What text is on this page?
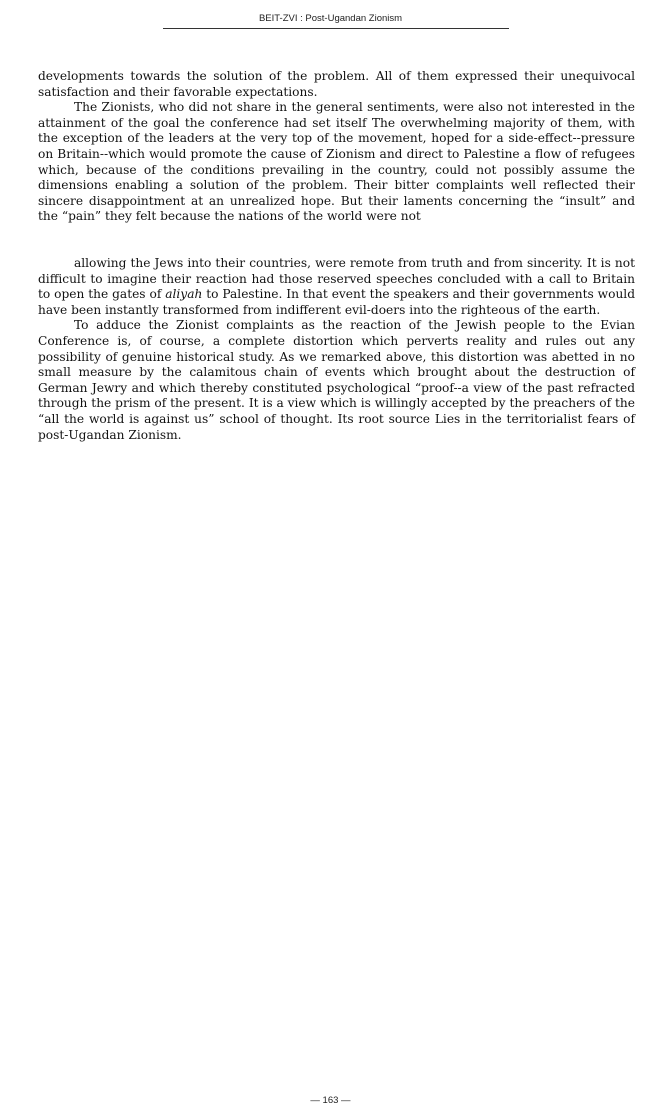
BEIT-ZVI : Post-Ugandan Zionism

developments towards the solution of the problem. All of them expressed their unequivocal satisfaction and their favorable expectations.

The Zionists, who did not share in the general sentiments, were also not interested in the attainment of the goal the conference had set itself The overwhelming majority of them, with the exception of the leaders at the very top of the movement, hoped for a side-effect--pressure on Britain--which would promote the cause of Zionism and direct to Palestine a flow of refugees which, because of the conditions prevailing in the country, could not possibly assume the dimensions enabling a solution of the problem. Their bitter complaints well reflected their sincere disappointment at an unrealized hope. But their laments concerning the “insult” and the “pain” they felt because the nations of the world were not

allowing the Jews into their countries, were remote from truth and from sincerity. It is not difficult to imagine their reaction had those reserved speeches concluded with a call to Britain to open the gates of aliyah to Palestine. In that event the speakers and their governments would have been instantly transformed from indifferent evil-doers into the righteous of the earth.

To adduce the Zionist complaints as the reaction of the Jewish people to the Evian Conference is, of course, a complete distortion which perverts reality and rules out any possibility of genuine historical study. As we remarked above, this distortion was abetted in no small measure by the calamitous chain of events which brought about the destruction of German Jewry and which thereby constituted psychological “proof--a view of the past refracted through the prism of the present. It is a view which is willingly accepted by the preachers of the “all the world is against us” school of thought. Its root source Lies in the territorialist fears of post-Ugandan Zionism.

— 163 —
